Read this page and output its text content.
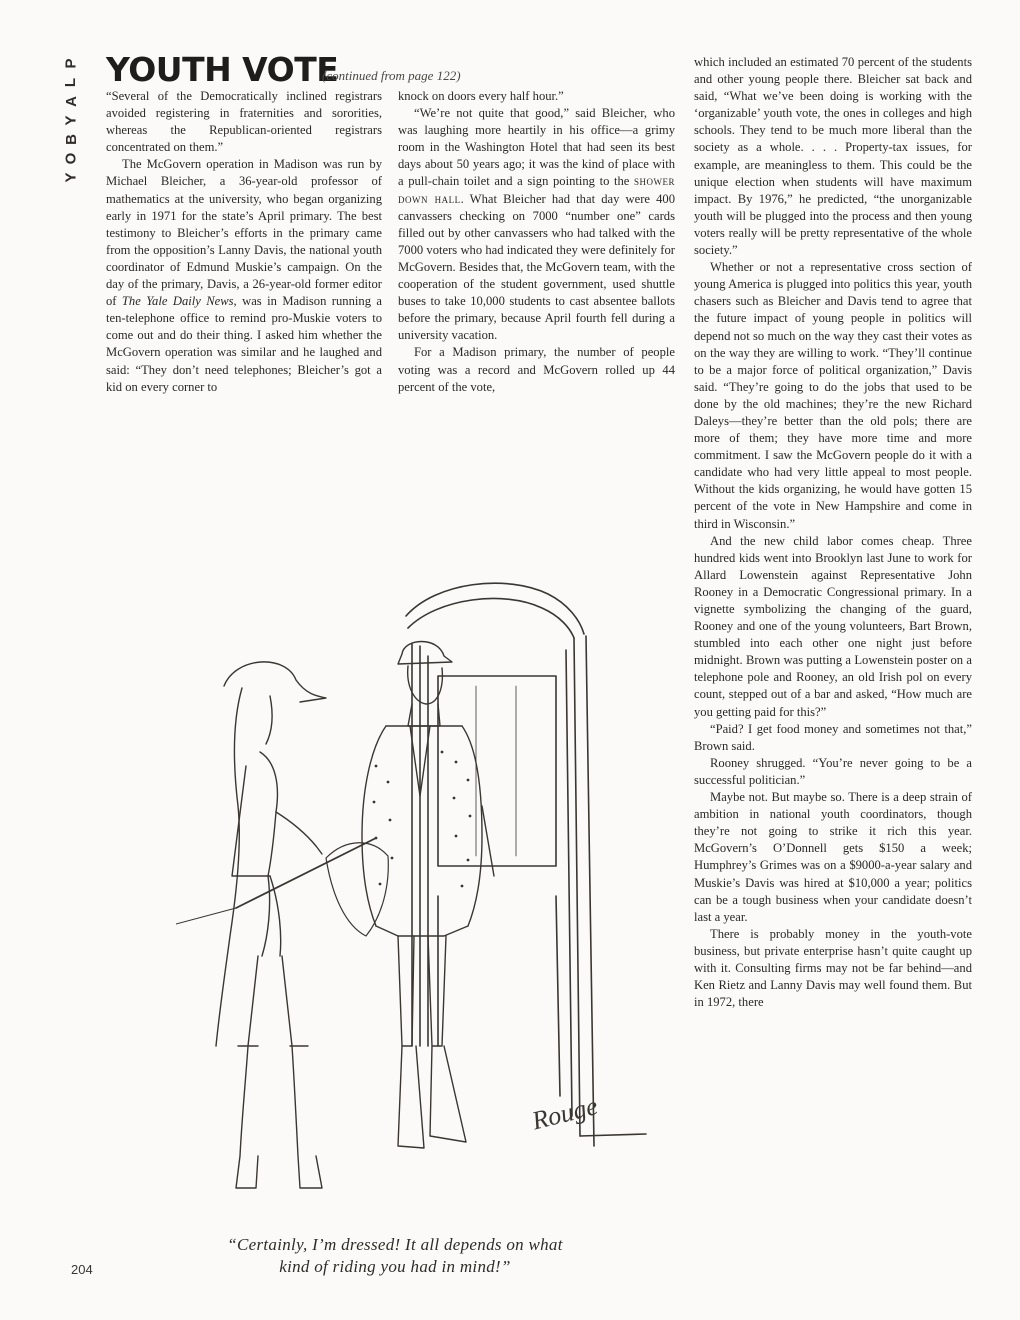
P
L
A
Y
B
O
Y
YOUTH VOTE
(continued from page 122)

“Several of the Democratically inclined registrars avoided registering in fraternities and sororities, whereas the Republican-oriented registrars concentrated on them.”

The McGovern operation in Madison was run by Michael Bleicher, a 36-year-old professor of mathematics at the university, who began organizing early in 1971 for the state’s April primary. The best testimony to Bleicher’s efforts in the primary came from the opposition’s Lanny Davis, the national youth coordinator of Edmund Muskie’s campaign. On the day of the primary, Davis, a 26-year-old former editor of The Yale Daily News, was in Madison running a ten-telephone office to remind pro-Muskie voters to come out and do their thing. I asked him whether the McGovern operation was similar and he laughed and said: “They don’t need telephones; Bleicher’s got a kid on every corner to

knock on doors every half hour.”

“We’re not quite that good,” said Bleicher, who was laughing more heartily in his office—a grimy room in the Washington Hotel that had seen its best days about 50 years ago; it was the kind of place with a pull-chain toilet and a sign pointing to the shower down hall. What Bleicher had that day were 400 canvassers checking on 7000 “number one” cards filled out by other canvassers who had talked with the 7000 voters who had indicated they were definitely for McGovern. Besides that, the McGovern team, with the cooperation of the student government, used shuttle buses to take 10,000 students to cast absentee ballots before the primary, because April fourth fell during a university vacation.

For a Madison primary, the number of people voting was a record and McGovern rolled up 44 percent of the vote,

which included an estimated 70 percent of the students and other young people there. Bleicher sat back and said, “What we’ve been doing is working with the ‘organizable’ youth vote, the ones in colleges and high schools. They tend to be much more liberal than the society as a whole. . . . Property-tax issues, for example, are meaningless to them. This could be the unique election when students will have maximum impact. By 1976,” he predicted, “the unorganizable youth will be plugged into the process and then young voters really will be pretty representative of the whole society.”

Whether or not a representative cross section of young America is plugged into politics this year, youth chasers such as Bleicher and Davis tend to agree that the future impact of young people in politics will depend not so much on the way they cast their votes as on the way they are willing to work. “They’ll continue to be a major force of political organization,” Davis said. “They’re going to do the jobs that used to be done by the old machines; they’re the new Richard Daleys—they’re better than the old pols; there are more of them; they have more time and more commitment. I saw the McGovern people do it with a candidate who had very little appeal to most people. Without the kids organizing, he would have gotten 15 percent of the vote in New Hampshire and come in third in Wisconsin.”

And the new child labor comes cheap. Three hundred kids went into Brooklyn last June to work for Allard Lowenstein against Representative John Rooney in a Democratic Congressional primary. In a vignette symbolizing the changing of the guard, Rooney and one of the young volunteers, Bart Brown, stumbled into each other one night just before midnight. Brown was putting a Lowenstein poster on a telephone pole and Rooney, an old Irish pol on every count, stepped out of a bar and asked, “How much are you getting paid for this?”

“Paid? I get food money and sometimes not that,” Brown said.

Rooney shrugged. “You’re never going to be a successful politician.”

Maybe not. But maybe so. There is a deep strain of ambition in national youth coordinators, though they’re not going to strike it rich this year. McGovern’s O’Donnell gets $150 a week; Humphrey’s Grimes was on a $9000-a-year salary and Muskie’s Davis was hired at $10,000 a year; politics can be a tough business when your candidate doesn’t last a year.

There is probably money in the youth-vote business, but private enterprise hasn’t quite caught up with it. Consulting firms may not be far behind—and Ken Rietz and Lanny Davis may well found them. But in 1972, there

Rouge
“Certainly, I’m dressed! It all depends on what
kind of riding you had in mind!”
204
